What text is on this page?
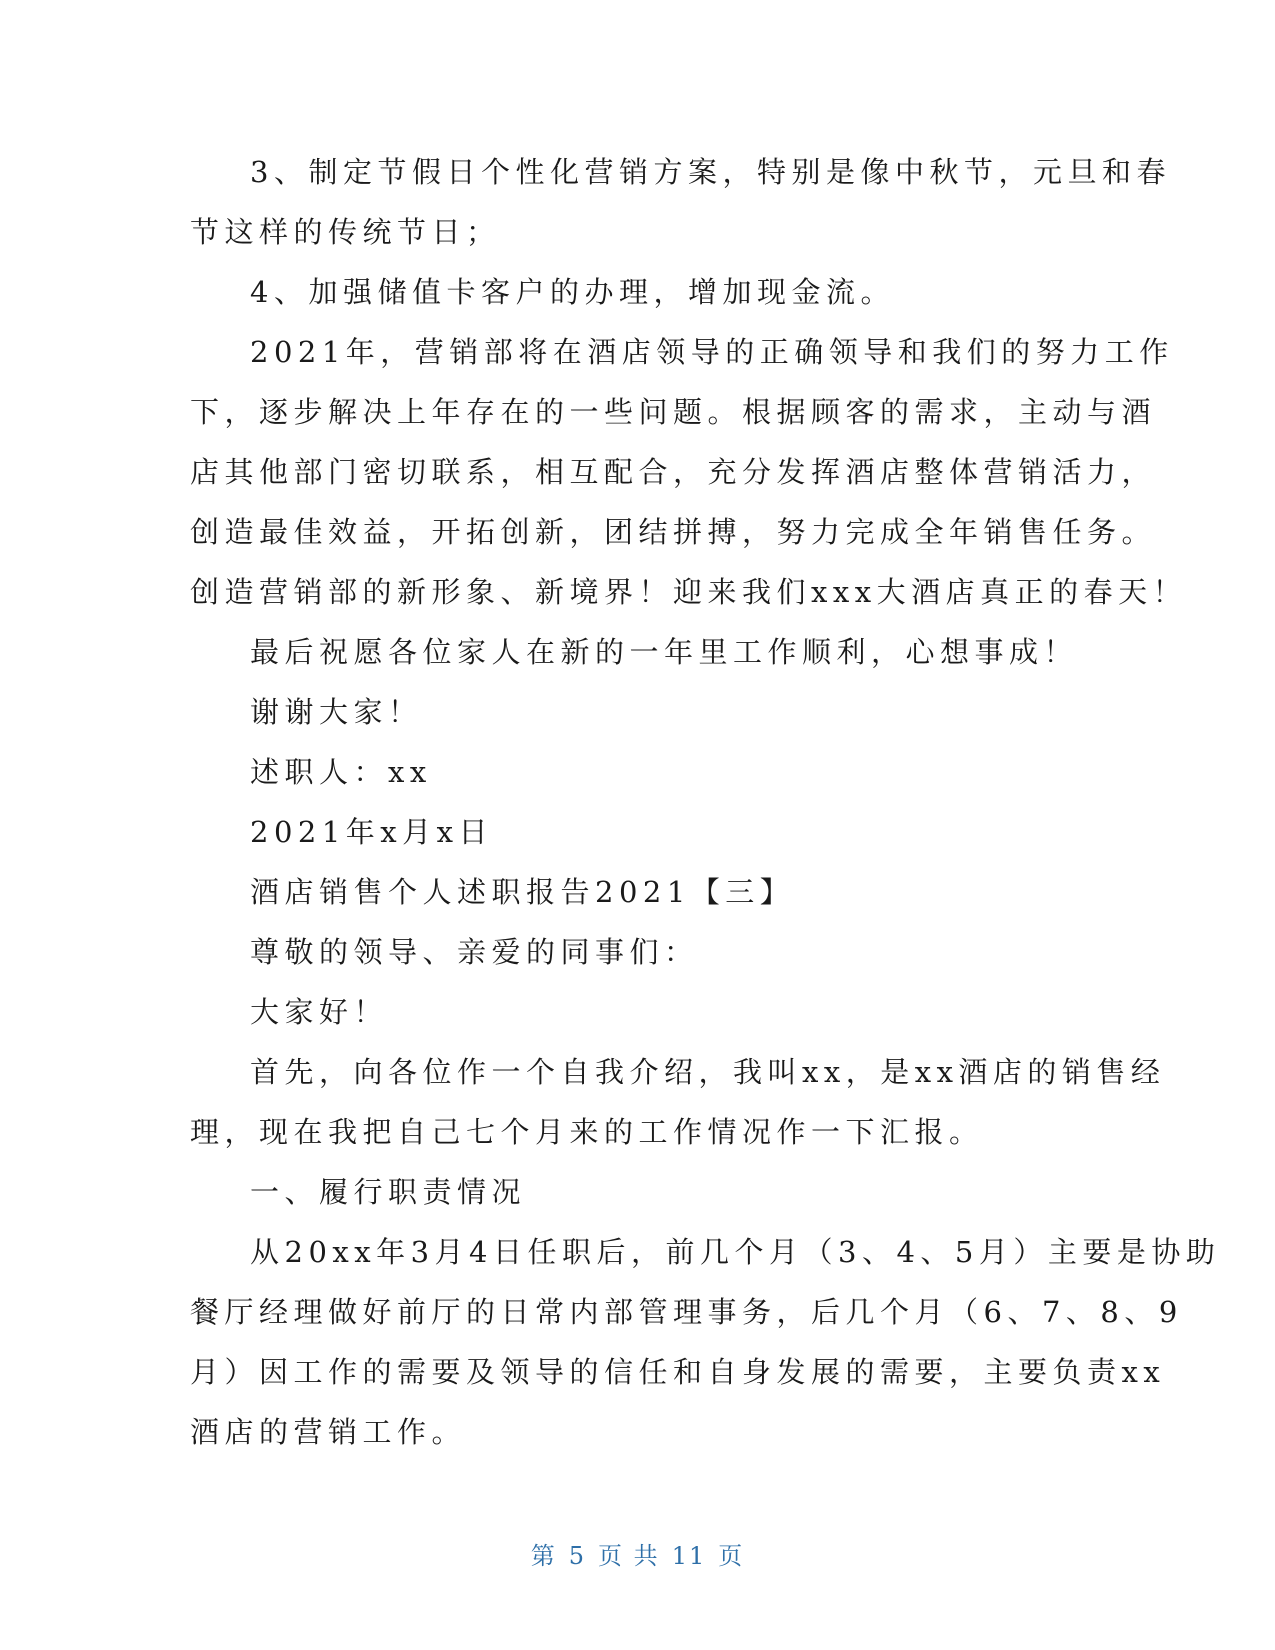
3、制定节假日个性化营销方案，特别是像中秋节，元旦和春
节这样的传统节日；
4、加强储值卡客户的办理，增加现金流。
2021年，营销部将在酒店领导的正确领导和我们的努力工作
下，逐步解决上年存在的一些问题。根据顾客的需求，主动与酒
店其他部门密切联系，相互配合，充分发挥酒店整体营销活力，
创造最佳效益，开拓创新，团结拼搏，努力完成全年销售任务。
创造营销部的新形象、新境界！迎来我们xxx大酒店真正的春天！
最后祝愿各位家人在新的一年里工作顺利，心想事成！
谢谢大家！
述职人：xx
2021年x月x日
酒店销售个人述职报告2021【三】
尊敬的领导、亲爱的同事们：
大家好！
首先，向各位作一个自我介绍，我叫xx，是xx酒店的销售经
理，现在我把自己七个月来的工作情况作一下汇报。
一、履行职责情况
从20xx年3月4日任职后，前几个月（3、4、5月）主要是协助
餐厅经理做好前厅的日常内部管理事务，后几个月（6、7、8、9
月）因工作的需要及领导的信任和自身发展的需要，主要负责xx
酒店的营销工作。
第 5 页 共 11 页
